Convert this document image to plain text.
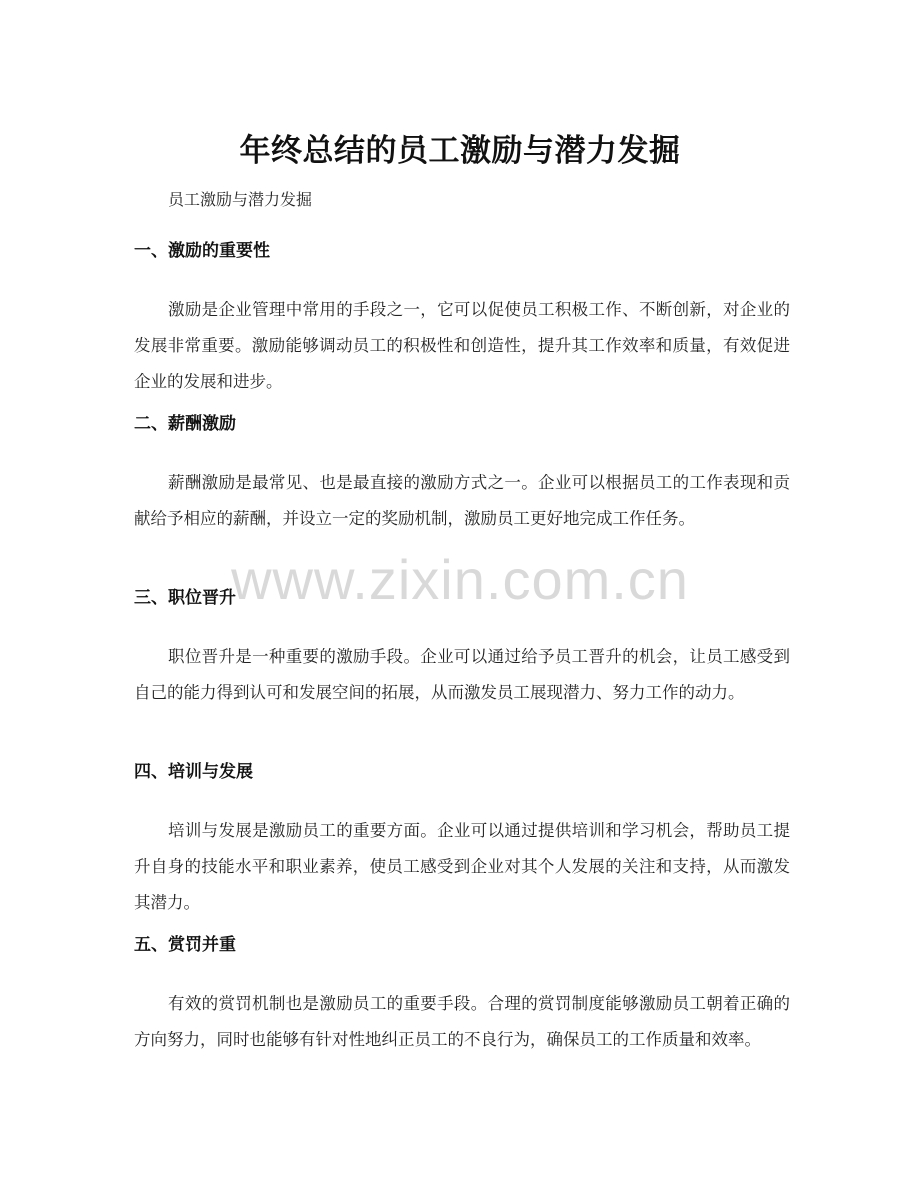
年终总结的员工激励与潜力发掘
员工激励与潜力发掘
一、激励的重要性

激励是企业管理中常用的手段之一，它可以促使员工积极工作、不断创新，对企业的发展非常重要。激励能够调动员工的积极性和创造性，提升其工作效率和质量，有效促进企业的发展和进步。

二、薪酬激励

薪酬激励是最常见、也是最直接的激励方式之一。企业可以根据员工的工作表现和贡献给予相应的薪酬，并设立一定的奖励机制，激励员工更好地完成工作任务。

三、职位晋升

职位晋升是一种重要的激励手段。企业可以通过给予员工晋升的机会，让员工感受到自己的能力得到认可和发展空间的拓展，从而激发员工展现潜力、努力工作的动力。

四、培训与发展

培训与发展是激励员工的重要方面。企业可以通过提供培训和学习机会，帮助员工提升自身的技能水平和职业素养，使员工感受到企业对其个人发展的关注和支持，从而激发其潜力。

五、赏罚并重

有效的赏罚机制也是激励员工的重要手段。合理的赏罚制度能够激励员工朝着正确的方向努力，同时也能够有针对性地纠正员工的不良行为，确保员工的工作质量和效率。

www.zixin.com.cn
